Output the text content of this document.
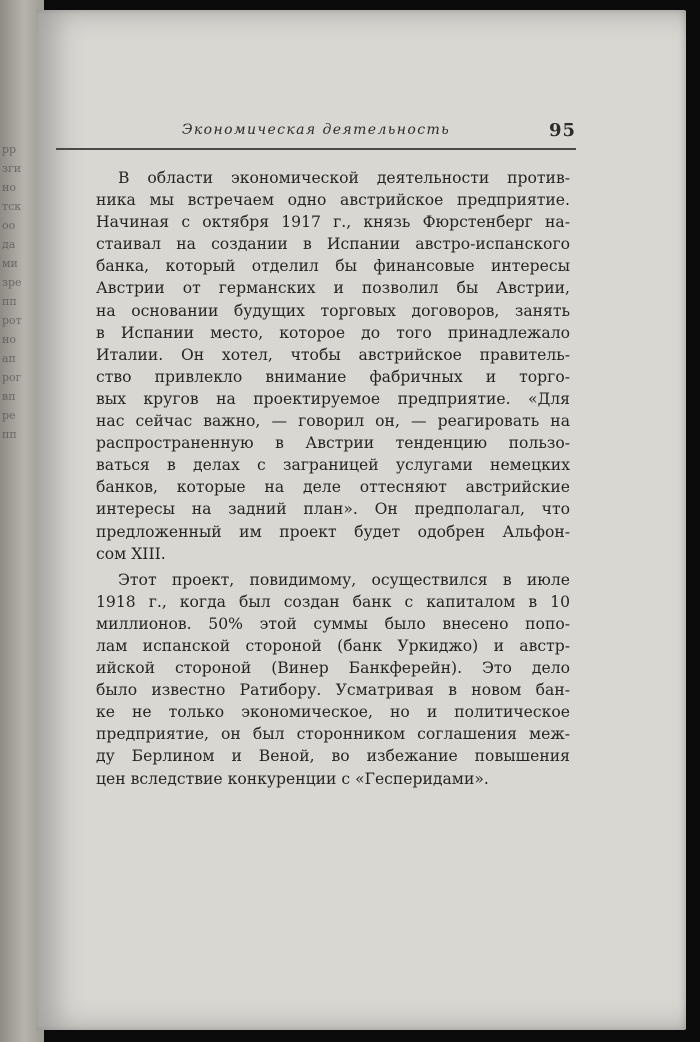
ррзгинотскоодамизреппротноапрогвпрепп
Экономическая деятельность	95
В области экономической деятельности против-
ника мы встречаем одно австрийское предприятие.
Начиная с октября 1917 г., князь Фюрстенберг на-
стаивал на создании в Испании австро-испанского
банка, который отделил бы финансовые интересы
Австрии от германских и позволил бы Австрии,
на основании будущих торговых договоров, занять
в Испании место, которое до того принадлежало
Италии. Он хотел, чтобы австрийское правитель-
ство привлекло внимание фабричных и торго-
вых кругов на проектируемое предприятие. «Для
нас сейчас важно, — говорил он, — реагировать на
распространенную в Австрии тенденцию пользо-
ваться в делах с заграницей услугами немецких
банков, которые на деле оттесняют австрийские
интересы на задний план». Он предполагал, что
предложенный им проект будет одобрен Альфон-
сом XIII.
Этот проект, повидимому, осуществился в июле
1918 г., когда был создан банк с капиталом в 10
миллионов. 50% этой суммы было внесено попо-
лам испанской стороной (банк Уркиджо) и австр-
ийской стороной (Винер Банкферейн). Это дело
было известно Ратибору. Усматривая в новом бан-
ке не только экономическое, но и политическое
предприятие, он был сторонником соглашения меж-
ду Берлином и Веной, во избежание повышения
цен вследствие конкуренции с «Гесперидами».
